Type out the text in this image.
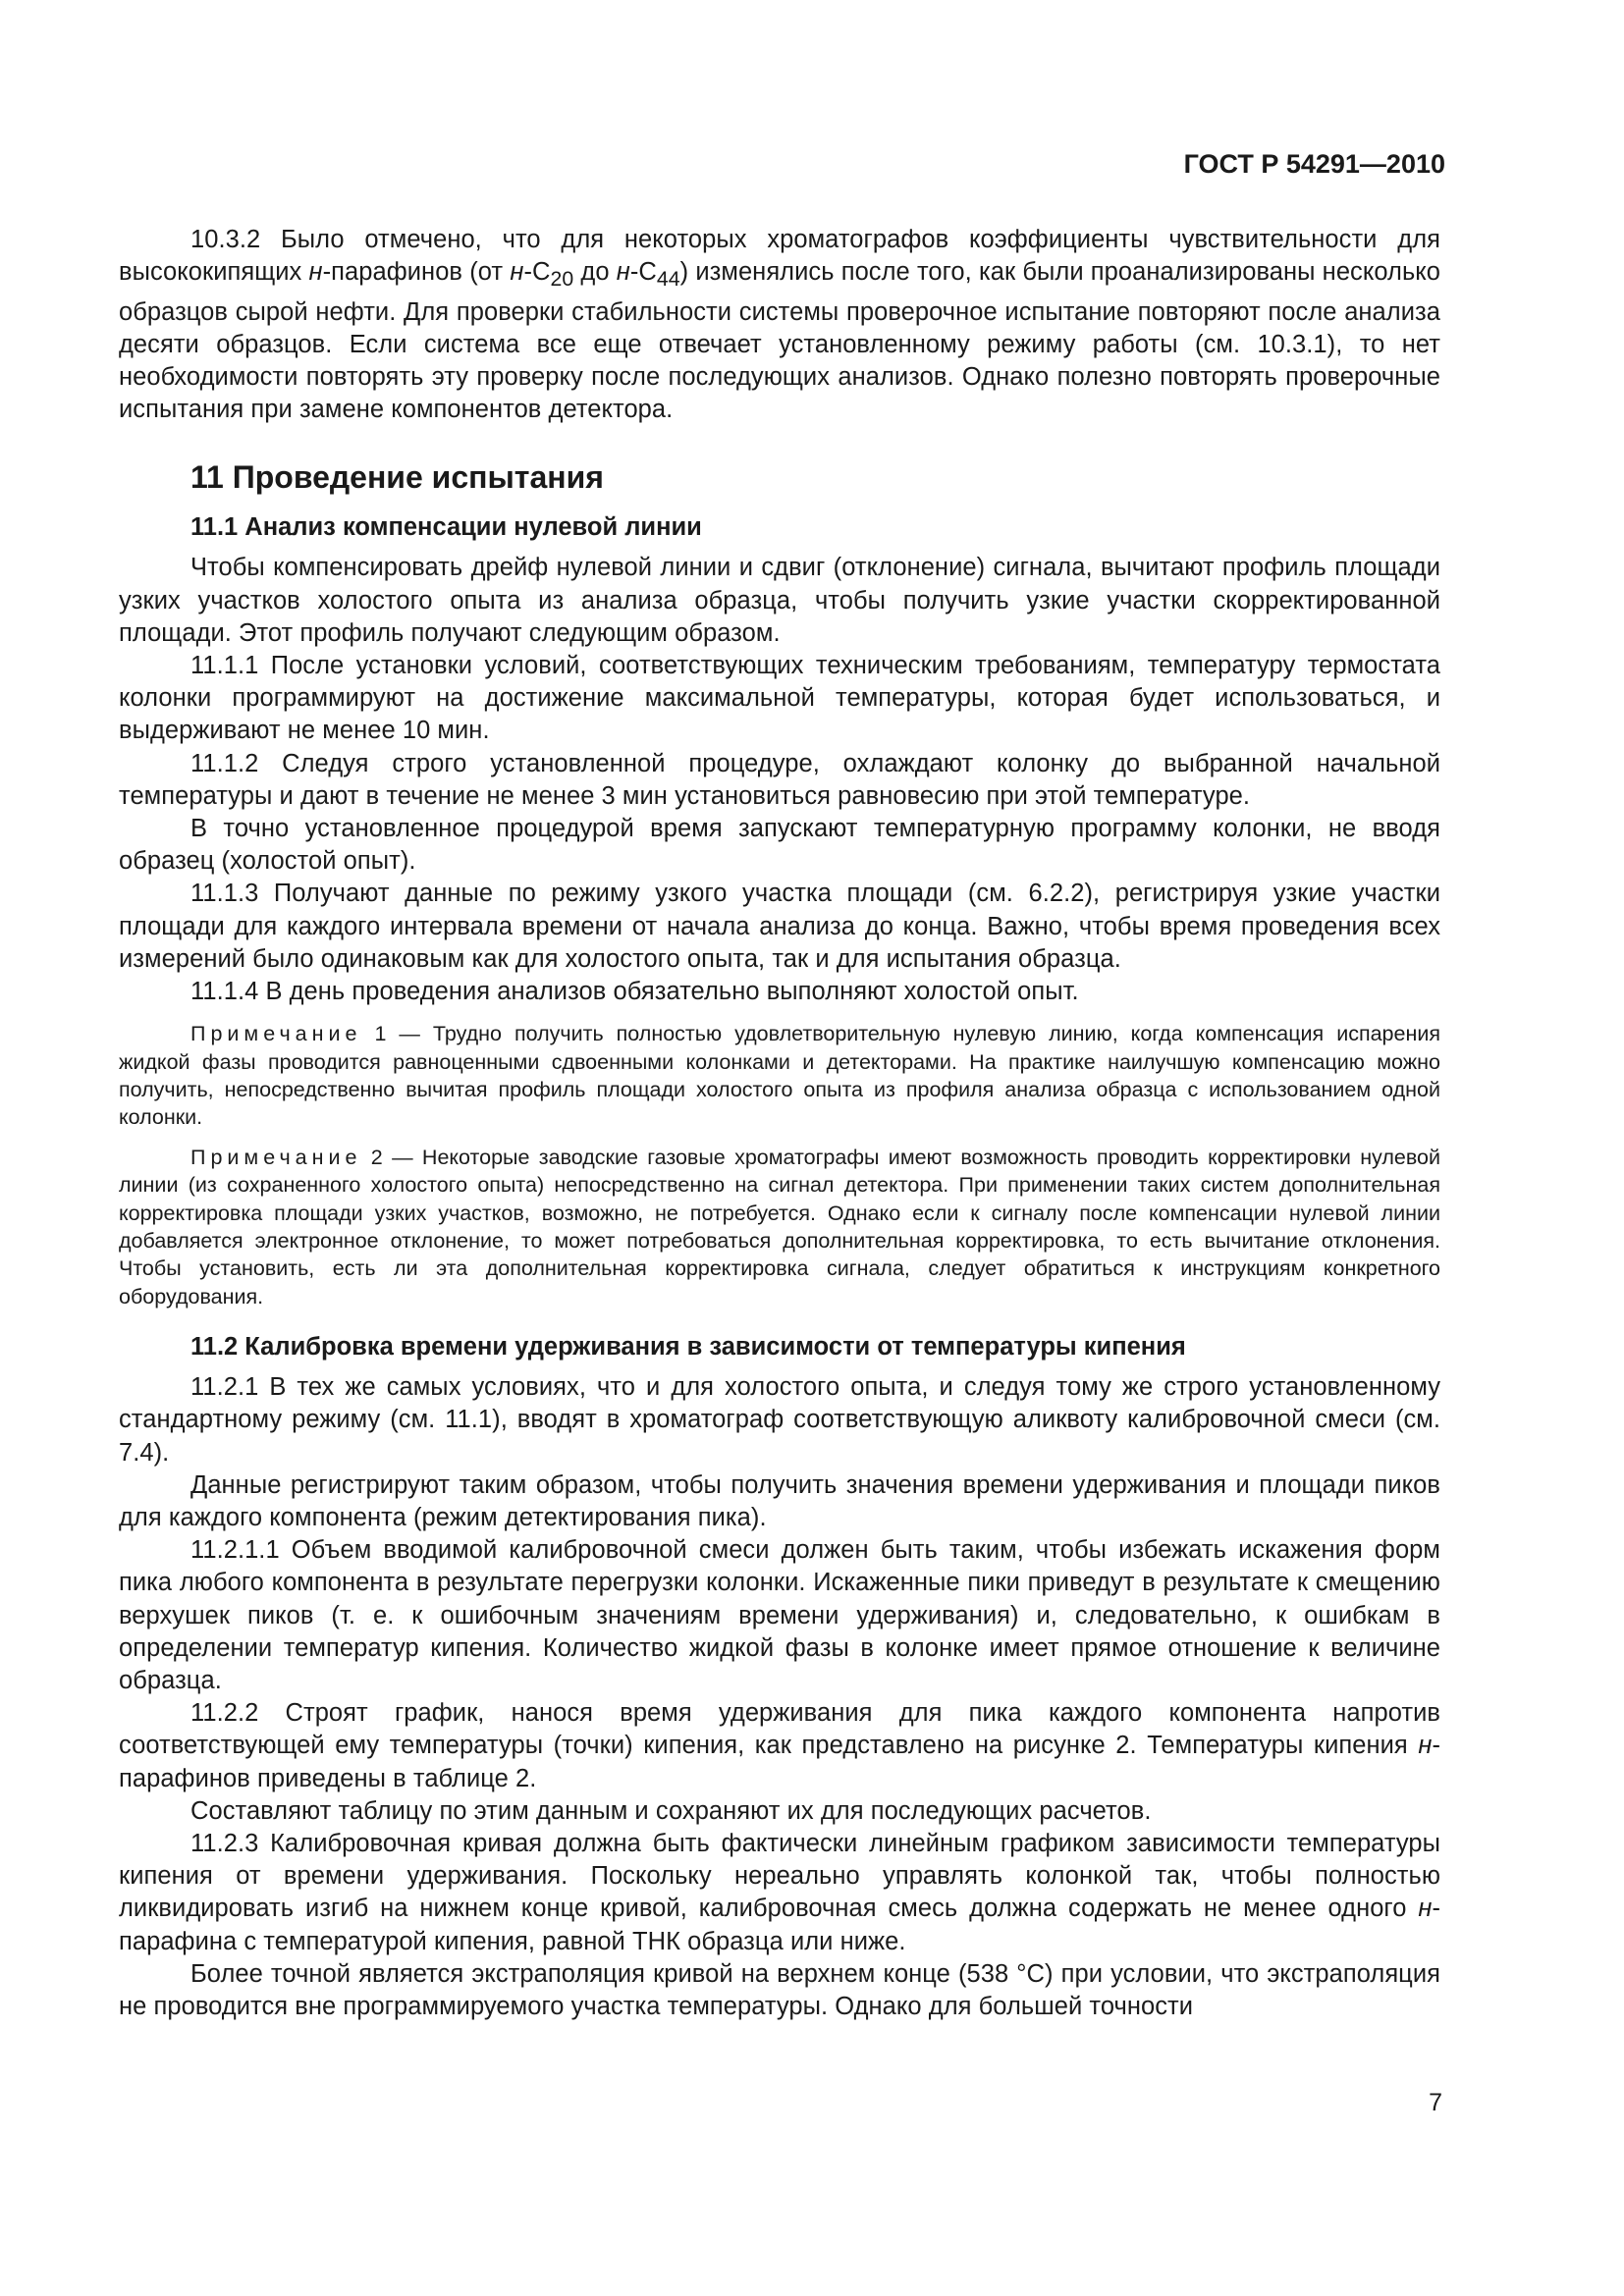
ГОСТ Р 54291—2010

10.3.2 Было отмечено, что для некоторых хроматографов коэффициенты чувствительности для высококипящих н-парафинов (от $н-C_{20}$ до $н-C_{44}$) изменялись после того, как были проанализированы несколько образцов сырой нефти. Для проверки стабильности системы проверочное испытание повторяют после анализа десяти образцов. Если система все еще отвечает установленному режиму работы (см. 10.3.1), то нет необходимости повторять эту проверку после последующих анализов. Однако полезно повторять проверочные испытания при замене компонентов детектора.

11 Проведение испытания
11.1 Анализ компенсации нулевой линии

Чтобы компенсировать дрейф нулевой линии и сдвиг (отклонение) сигнала, вычитают профиль площади узких участков холостого опыта из анализа образца, чтобы получить узкие участки скорректированной площади. Этот профиль получают следующим образом.

11.1.1 После установки условий, соответствующих техническим требованиям, температуру термостата колонки программируют на достижение максимальной температуры, которая будет использоваться, и выдерживают не менее 10 мин.

11.1.2 Следуя строго установленной процедуре, охлаждают колонку до выбранной начальной температуры и дают в течение не менее 3 мин установиться равновесию при этой температуре.

В точно установленное процедурой время запускают температурную программу колонки, не вводя образец (холостой опыт).

11.1.3 Получают данные по режиму узкого участка площади (см. 6.2.2), регистрируя узкие участки площади для каждого интервала времени от начала анализа до конца. Важно, чтобы время проведения всех измерений было одинаковым как для холостого опыта, так и для испытания образца.

11.1.4 В день проведения анализов обязательно выполняют холостой опыт.

Примечание 1 — Трудно получить полностью удовлетворительную нулевую линию, когда компенсация испарения жидкой фазы проводится равноценными сдвоенными колонками и детекторами. На практике наилучшую компенсацию можно получить, непосредственно вычитая профиль площади холостого опыта из профиля анализа образца с использованием одной колонки.

Примечание 2 — Некоторые заводские газовые хроматографы имеют возможность проводить корректировки нулевой линии (из сохраненного холостого опыта) непосредственно на сигнал детектора. При применении таких систем дополнительная корректировка площади узких участков, возможно, не потребуется. Однако если к сигналу после компенсации нулевой линии добавляется электронное отклонение, то может потребоваться дополнительная корректировка, то есть вычитание отклонения. Чтобы установить, есть ли эта дополнительная корректировка сигнала, следует обратиться к инструкциям конкретного оборудования.

11.2 Калибровка времени удерживания в зависимости от температуры кипения

11.2.1 В тех же самых условиях, что и для холостого опыта, и следуя тому же строго установленному стандартному режиму (см. 11.1), вводят в хроматограф соответствующую аликвоту калибровочной смеси (см. 7.4).

Данные регистрируют таким образом, чтобы получить значения времени удерживания и площади пиков для каждого компонента (режим детектирования пика).

11.2.1.1 Объем вводимой калибровочной смеси должен быть таким, чтобы избежать искажения форм пика любого компонента в результате перегрузки колонки. Искаженные пики приведут в результате к смещению верхушек пиков (т. е. к ошибочным значениям времени удерживания) и, следовательно, к ошибкам в определении температур кипения. Количество жидкой фазы в колонке имеет прямое отношение к величине образца.

11.2.2 Строят график, нанося время удерживания для пика каждого компонента напротив соответствующей ему температуры (точки) кипения, как представлено на рисунке 2. Температуры кипения н-парафинов приведены в таблице 2.

Составляют таблицу по этим данным и сохраняют их для последующих расчетов.

11.2.3 Калибровочная кривая должна быть фактически линейным графиком зависимости температуры кипения от времени удерживания. Поскольку нереально управлять колонкой так, чтобы полностью ликвидировать изгиб на нижнем конце кривой, калибровочная смесь должна содержать не менее одного н-парафина с температурой кипения, равной ТНК образца или ниже.

Более точной является экстраполяция кривой на верхнем конце (538 °C) при условии, что экстраполяция не проводится вне программируемого участка температуры. Однако для большей точности

7
